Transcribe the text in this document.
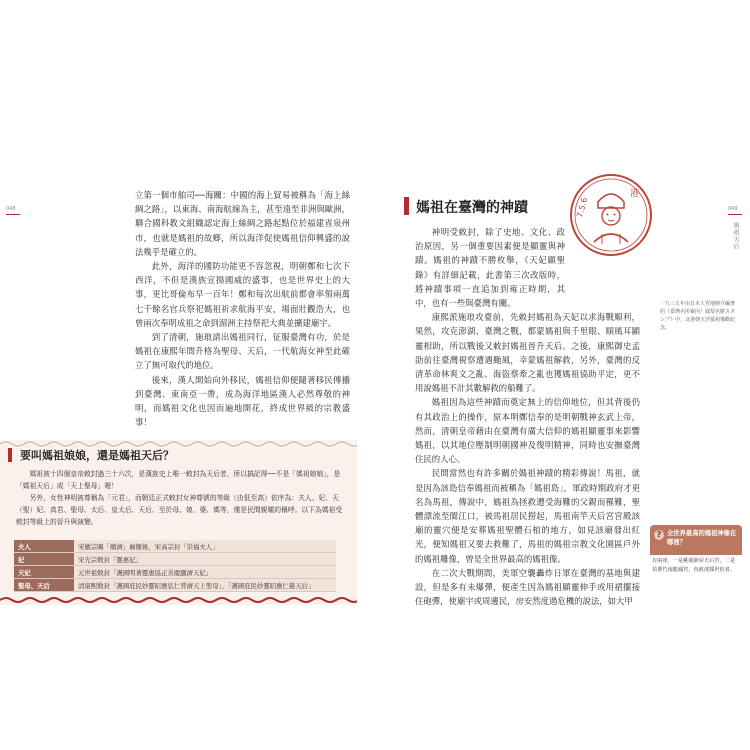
048

立第一個市舶司──海關：中國的海上貿易被稱為「海上絲綢之路」，以東海、南海航線為主，甚至遠至非洲與歐洲，聯合國科教文組織認定海上絲綢之路起點位於福建省泉州市，也就是媽祖的故鄉，所以海洋促使媽祖信仰興盛的說法幾乎是確立的。

此外，海洋的國防功能更不容忽視，明朝鄭和七次下西洋，不但是漢族宣揚國威的盛事，也是世界史上的大事，更比哥倫布早一百年！鄭和每次出航前都會率領兩萬七千餘名官兵祭祀媽祖祈求航海平安，場面壯觀浩大，也曾兩次奉明成祖之命到湄洲主持祭祀大典並擴建廟宇。

到了清朝，施琅請出媽祖同行，征服臺灣有功，於是媽祖在康熙年間升格為聖母、天后，一代航海女神至此確立了無可取代的地位。

後來，漢人開始向外移民，媽祖信仰便隨著移民傳播到臺灣、東南亞一帶，成為海洋地區漢人必然尊敬的神明，而媽祖文化也因而遍地開花，終成世界級的宗教盛事！

要叫媽祖娘娘，還是媽祖天后？

媽祖被十四個皇帝敕封過三十六次，是漢族史上唯一敕封為天后者，所以搞記得──不是「媽祖娘娘」，是「媽祖天后」或「天上聖母」喔！

另外，女性神明被尊稱為「元君」，而朝廷正式敕封女神尊號的等級（由低至高）依序為：夫人、妃、天（聖）妃、真君、聖母、太后、皇太后、天后、至於母、娘、婆、媽等，僅是民間親暱的稱呼。以下為媽祖受敕封等級上的晉升與演變。

夫人	宋徽宗賜「順濟」廟額後，宋高宗封「崇福夫人」
妃	宋光宗敕封「靈惠妃」
天妃	元世祖敕封「護國明著靈惠協正善慶顯濟天妃」
聖母、天后	清康熙敕封「護國庇民妙靈昭應弘仁普濟天上聖母」、「護國庇民妙靈昭應仁慈天后」
049
媽祖天后
媽祖在臺灣的神蹟	7.5.6
港
一九三五年由日本人宮地硬介編著的《臺灣名所案內》鳳梨名勝スタンプ》中，北港朝天宮媽祖像戳紀念。

神明受敕封，除了史地、文化、政治原因，另一個重要因素便是顯靈與神蹟。媽祖的神蹟不勝枚舉，《天妃顯聖錄》有詳細記載，此書第三次改版時，將神蹟事項一直追加到雍正時期，其中，也有一些與臺灣有關。

康熙派施琅攻臺前，先敕封媽祖為天妃以求海戰順利，果然，攻克澎湖、臺灣之戰，都蒙媽祖與千里眼、順風耳顯靈相助，所以戰後又敕封媽祖晉升天后。之後，康熙御史孟劭前往臺灣視察遭遇颱風，幸蒙媽祖解救，另外，臺灣的反清革命林爽文之亂、海盜蔡牽之亂也獲媽祖協助平定，更不用說媽祖不計其數解救的船難了。

媽祖因為這些神蹟而奠定無上的信仰地位，但其背後仍有其政治上的操作，原本明鄭信奉的是明朝戰神玄武上帝，然而，清朝皇帝藉由在臺灣有廣大信仰的媽祖顯靈事來影響媽祖，以其地位壓制明朝國神及復明精神，同時也安撫臺灣住民的人心。

民間當然也有許多關於媽祖神蹟的精彩傳說！馬祖，就是因為該島信奉媽祖而被稱為「媽祖島」，軍政時期政府才更名為馬祖，傳說中，媽祖為拯救遭受海難的父親而罹難，聖體漂流至閩江口，被馬祖居民撈起，馬祖南竿天后宮宮殿該廟的靈穴便是安葬媽祖聖體石棺的地方，如見該廟發出紅光，便知媽祖又要去救難了，馬祖的媽祖宗教文化園區戶外的媽祖雕像，曾是全世界最高的媽祖像。

在二次大戰期間，美軍空襲轟炸日軍在臺灣的基地與建設，但是多有未爆彈，便產生因為媽祖顯靈伸手或用裙擺接住砲彈，使廟宇或周邊民，房安然度過危機的說法，如大甲

? 全世界最高的媽祖神像在哪裡？
有兩座，一是桃園新屋天后宮，二是苗栗竹南龍鳳宮，內政部採世俗者。
